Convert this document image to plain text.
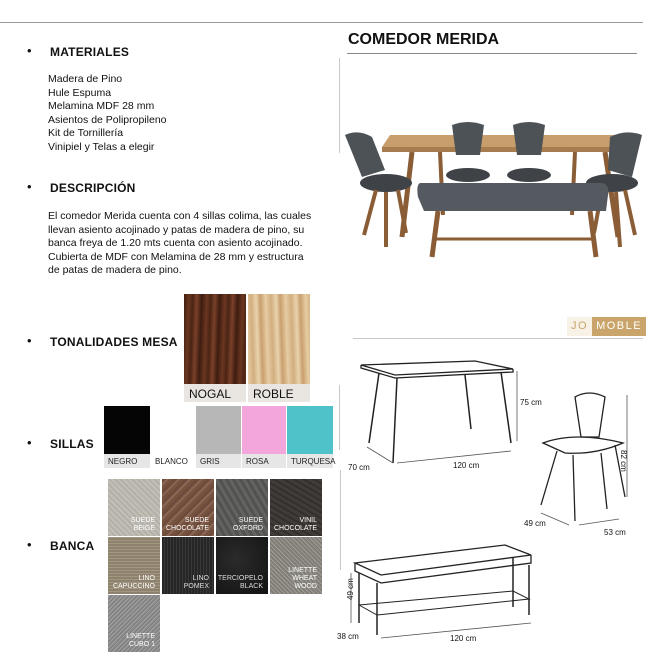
• MATERIALES
Madera de Pino
Hule Espuma
Melamina MDF 28 mm
Asientos de Polipropileno
Kit de Tornillería
Vinipiel y Telas a elegir
• DESCRIPCIÓN
El comedor Merida cuenta con 4 sillas colima, las cuales llevan asiento acojinado y patas de madera de pino, su banca freya de 1.20 mts cuenta con asiento acojinado. Cubierta de MDF con Melamina de 28 mm y estructura de patas de madera de pino.
• TONALIDADES MESA
NOGAL	ROBLE
• SILLAS
NEGRO	BLANCO	GRIS	ROSA	TURQUESA
• BANCA
SUEDE
BEIGE
SUEDE
CHOCOLATE
SUEDE
OXFORD
VINIL
CHOCOLATE
LINO
CAPUCCINO
LINO
POMEX
TERCIOPELO
BLACK
LINETTE
WHEAT WOOD
LINETTE
CUBO 1
COMEDOR MERIDA
JO MOBLE
75 cm
70 cm	120 cm	82 cm
49 cm
53 cm
49 cm
38 cm	120 cm
